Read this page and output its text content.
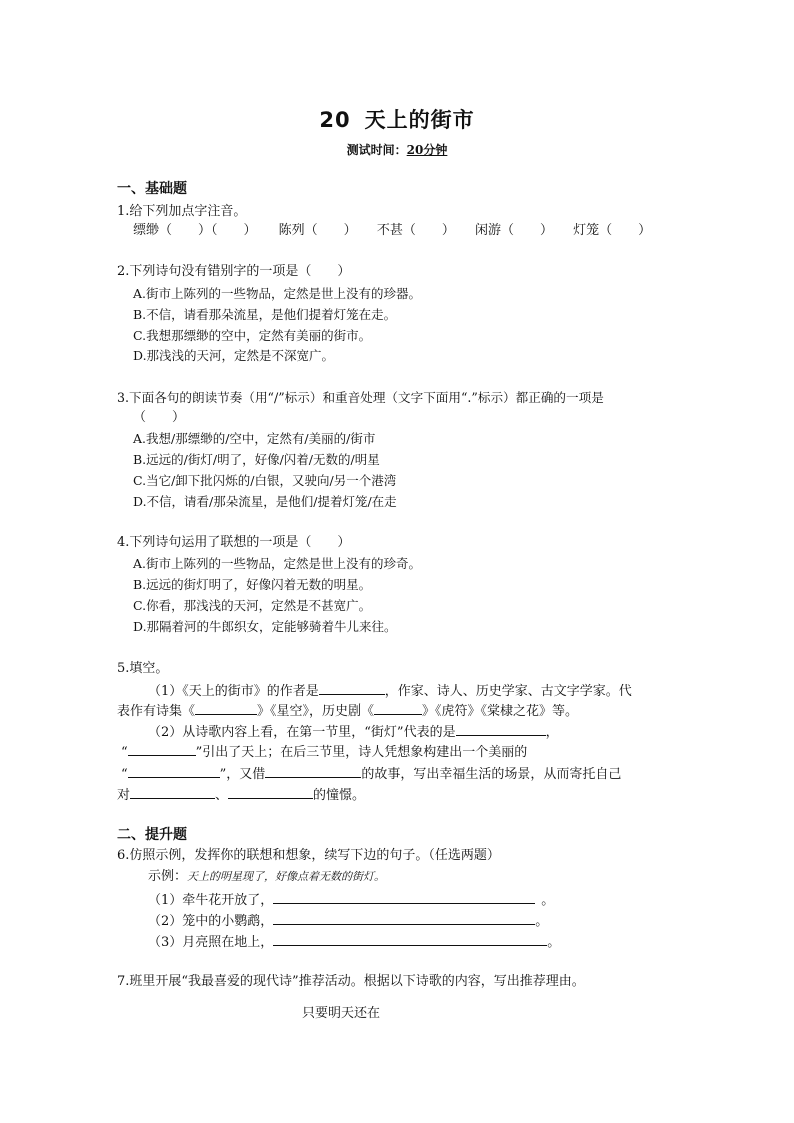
20 天上的街市
测试时间：20分钟
一、基础题
1.给下列加点字注音。
缥缈（　　）（　　） 陈列（　　） 不甚（　　） 闲游（　　） 灯笼（　　）
2.下列诗句没有错别字的一项是（　　）
A.街市上陈列的一些物品，定然是世上没有的珍器。
B.不信，请看那朵流星，是他们提着灯笼在走。
C.我想那缥缈的空中，定然有美丽的街市。
D.那浅浅的天河，定然是不深宽广。
3.下面各句的朗读节奏（用“/”标示）和重音处理（文字下面用“.”标示）都正确的一项是
（　　）
A.我想/那缥缈的/空中，定然有/美丽的/街市
B.远远的/街灯/明了，好像/闪着/无数的/明星
C.当它/卸下批闪烁的/白银，又驶向/另一个港湾
D.不信，请看/那朵流星，是他们/提着灯笼/在走
4.下列诗句运用了联想的一项是（　　）
A.街市上陈列的一些物品，定然是世上没有的珍奇。
B.远远的街灯明了，好像闪着无数的明星。
C.你看，那浅浅的天河，定然是不甚宽广。
D.那隔着河的牛郎织女，定能够骑着牛儿来往。
5.填空。
（1）《天上的街市》的作者是	，作家、诗人、历史学家、古文字学家。代
表作有诗集《	》《星空》，历史剧《	》《虎符》《棠棣之花》等。
（2）从诗歌内容上看，在第一节里，“街灯”代表的是	，
“	”引出了天上；在后三节里，诗人凭想象构建出一个美丽的
“	”，又借	的故事，写出幸福生活的场景，从而寄托自己
对	、	的憧憬。
二、提升题
6.仿照示例，发挥你的联想和想象，续写下边的句子。（任选两题）
示例：天上的明星现了，好像点着无数的街灯。
（1）牵牛花开放了，	。
（2）笼中的小鹦鹉，	。
（3）月亮照在地上，	。
7.班里开展“我最喜爱的现代诗”推荐活动。根据以下诗歌的内容，写出推荐理由。
只要明天还在
